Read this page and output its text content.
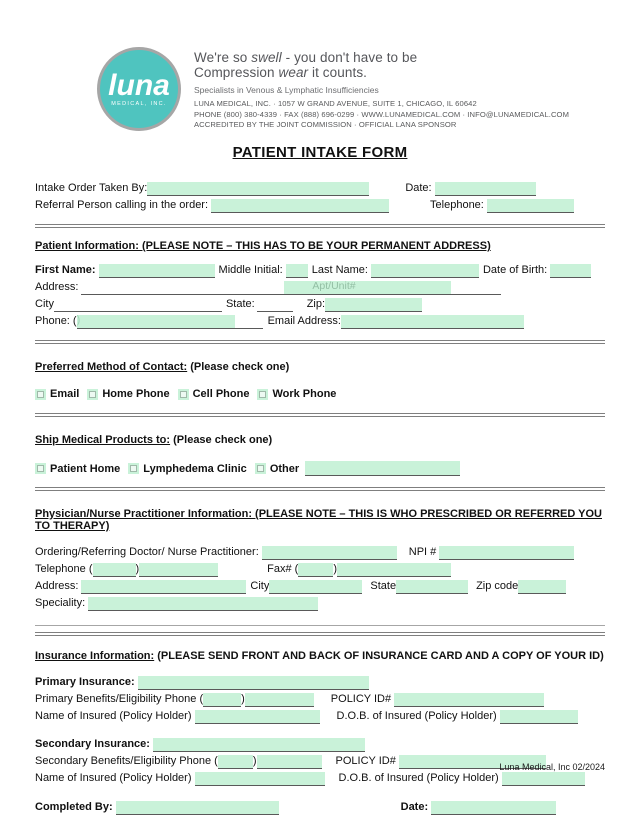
luna
MEDICAL, INC.
We're so swell - you don't have to be
Compression wear it counts.
Specialists in Venous & Lymphatic Insufficiencies
LUNA MEDICAL, INC. · 1057 W GRAND AVENUE, SUITE 1, CHICAGO, IL 60642
PHONE (800) 380-4339 · FAX (888) 696-0299 · WWW.LUNAMEDICAL.COM · INFO@LUNAMEDICAL.COM
ACCREDITED BY THE JOINT COMMISSION · OFFICIAL LANA SPONSOR
PATIENT INTAKE FORM
Intake Order Taken By:	Date:
Referral Person calling in the order:	Telephone:
Patient Information: (PLEASE NOTE – THIS HAS TO BE YOUR PERMANENT ADDRESS)
First Name:	Middle Initial:	Last Name:	Date of Birth:
Address:	Apt/Unit#
City	State:	Zip:
Phone: ( )	Email Address:
Preferred Method of Contact: (Please check one)
Email Home Phone Cell Phone Work Phone
Ship Medical Products to: (Please check one)
Patient Home Lymphedema Clinic Other
Physician/Nurse Practitioner Information: (PLEASE NOTE – THIS IS WHO PRESCRIBED OR REFERRED YOU TO THERAPY)
Ordering/Referring Doctor/ Nurse Practitioner:	NPI #
Telephone (	)	Fax# (	)
Address:	City	State	Zip code
Speciality:
Insurance Information: (PLEASE SEND FRONT AND BACK OF INSURANCE CARD AND A COPY OF YOUR ID)
Primary Insurance:
Primary Benefits/Eligibility Phone (	)	POLICY ID#
Name of Insured (Policy Holder)	D.O.B. of Insured (Policy Holder)
Secondary Insurance:
Secondary Benefits/Eligibility Phone (	)	POLICY ID#
Name of Insured (Policy Holder)	D.O.B. of Insured (Policy Holder)
Completed By:	Date:
Luna Medical, Inc 02/2024
